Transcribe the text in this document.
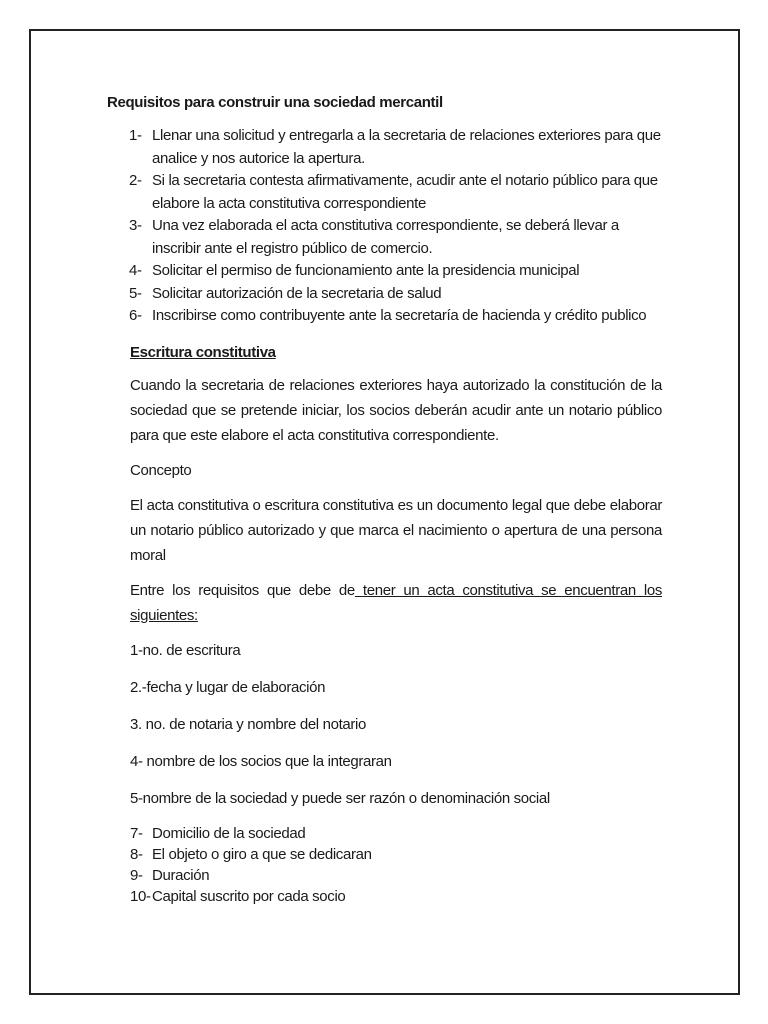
Requisitos para construir una sociedad mercantil
1- Llenar una solicitud y entregarla a la secretaria de relaciones exteriores para que analice y nos autorice la apertura.
2- Si la secretaria contesta afirmativamente, acudir ante el notario público para que elabore la acta constitutiva correspondiente
3- Una vez elaborada el acta constitutiva correspondiente, se deberá llevar a inscribir ante el registro público de comercio.
4- Solicitar el permiso de funcionamiento ante la presidencia municipal
5- Solicitar autorización de la secretaria de salud
6- Inscribirse como contribuyente ante la secretaría de hacienda y crédito publico
Escritura constitutiva

Cuando la secretaria de relaciones exteriores haya autorizado la constitución de la sociedad que se pretende iniciar, los socios deberán acudir ante un notario público para que este elabore el acta constitutiva correspondiente.

Concepto

El acta constitutiva o escritura constitutiva es un documento legal que debe elaborar un notario público autorizado y que marca el nacimiento o apertura de una persona moral

Entre los requisitos que debe de tener un acta constitutiva se encuentran los siguientes:

1-no. de escritura

2.-fecha y lugar de elaboración

3. no. de notaria y nombre del notario

4- nombre de los socios que la integraran

5-nombre de la sociedad y puede ser razón o denominación social

7- Domicilio de la sociedad
8- El objeto o giro a que se dedicaran
9- Duración
10- Capital suscrito por cada socio
